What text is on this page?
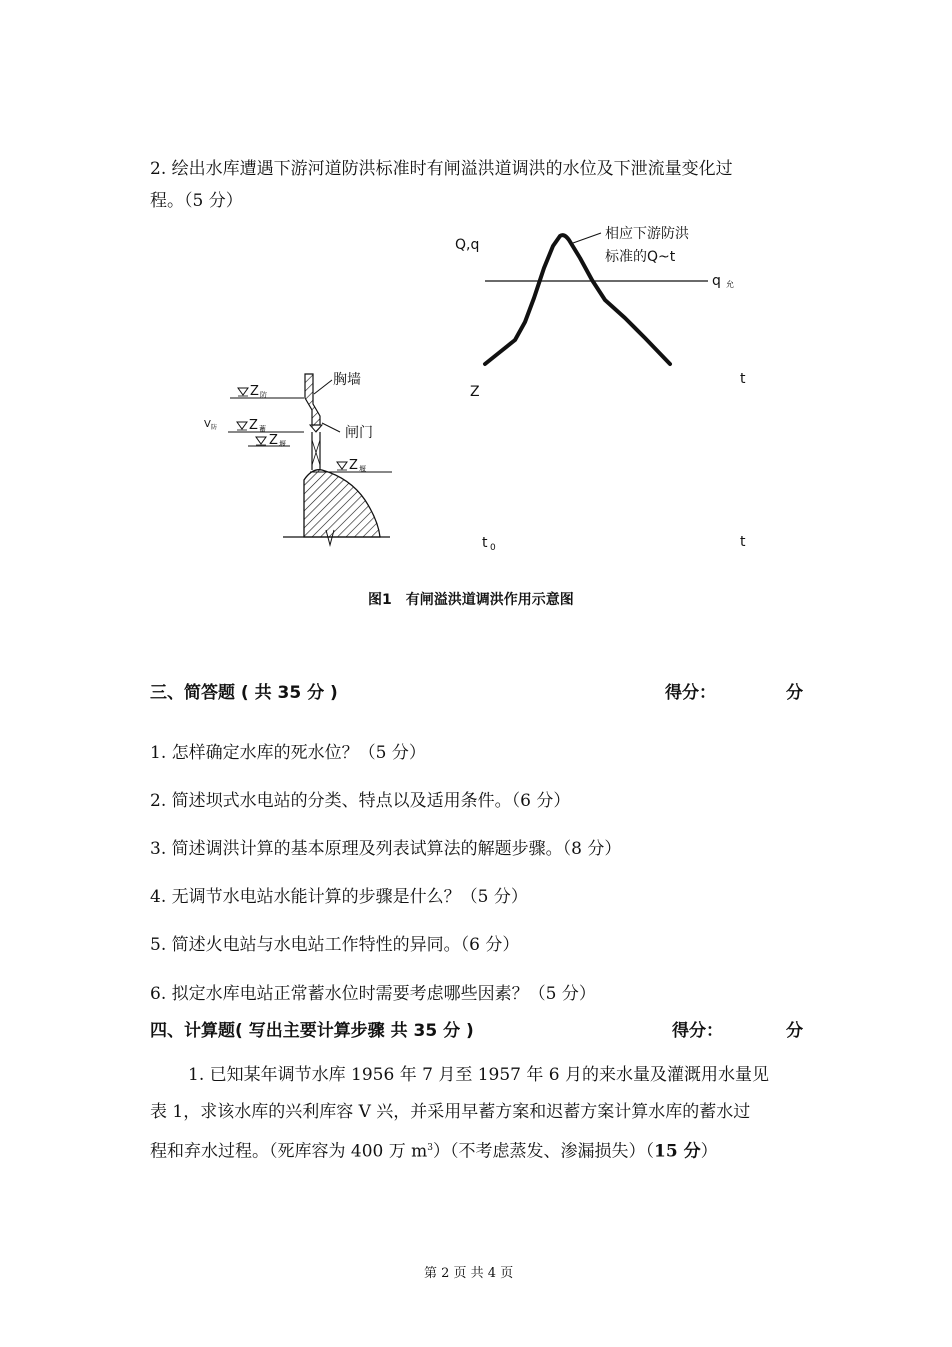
2. 绘出水库遭遇下游河道防洪标准时有闸溢洪道调洪的水位及下泄流量变化过
程。（5 分）
Q,q
相应下游防洪
标准的Q~t
q 允
t
Z
t 0	t
Z 防
Z 蓄
Z 堰
Z 堰
V 防
胸墙
闸门
图1　有闸溢洪道调洪作用示意图
三、简答题 ( 共 35 分 )	得分：	分
1. 怎样确定水库的死水位？（5 分）
2. 简述坝式水电站的分类、特点以及适用条件。（6 分）
3. 简述调洪计算的基本原理及列表试算法的解题步骤。（8 分）
4. 无调节水电站水能计算的步骤是什么？（5 分）
5. 简述火电站与水电站工作特性的异同。（6 分）
6. 拟定水库电站正常蓄水位时需要考虑哪些因素？（5 分）
四、计算题( 写出主要计算步骤 共 35 分 )	得分：	分
1. 已知某年调节水库 1956 年 7 月至 1957 年 6 月的来水量及灌溉用水量见
表 1，求该水库的兴利库容 V 兴，并采用早蓄方案和迟蓄方案计算水库的蓄水过
程和弃水过程。（死库容为 400 万 $m^3$）（不考虑蒸发、渗漏损失）（15 分）
第 2 页 共 4 页
